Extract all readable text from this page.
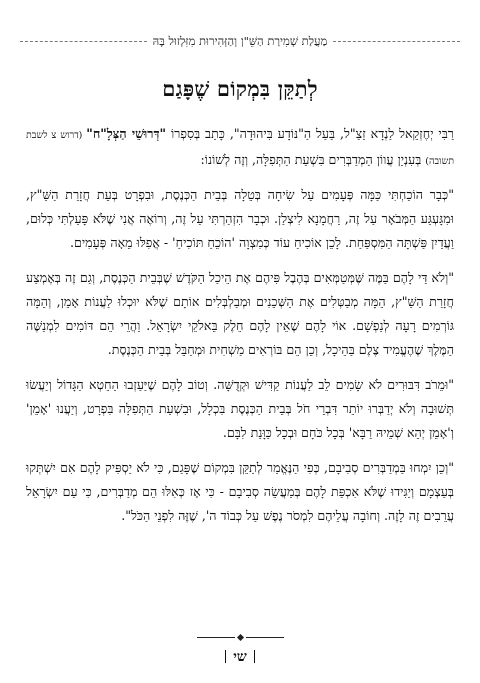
מַעֲלַת שְׁמִירַת הַשֵּׁ"ן וְהַזְּהִירוּת מִזִּלְזוּל בָּהּ
לְתַקֵּן בִּמְקוֹם שֶׁפָּגַם

רַבִּי יְחֶזְקֵאל לַנְדָא זַצַ"ל, בַּעַל הַ"נּוֹדָע בִּיהוּדָה", כָּתַב בְּסִפְרוֹ "דְּרוּשֵׁי הַצְּלָ"ח" (דרוש צ לשבת תשובה) בְּעִנְיַן עֲווֹן הַמְדַבְּרִים בִּשְׁעַת הַתְּפִלָּה, וְזֶה לְשׁוֹנוֹ:

"כְּבָר הוֹכַחְתִּי כַּמָּה פְּעָמִים עַל שִׂיחָה בְּטֵלָה בְּבֵית הַכְּנֶסֶת, וּבִפְרָט בְּעֵת חֲזָרַת הַשַּׁ"ץ, וּמִגָּעְגַּע הַמְּבֹאָר עַל זֶה, רַחֲמָנָא לִיצְלַן. וּכְבָר הִזְהַרְתִּי עַל זֶה, וְרוֹאֶה אֲנִי שֶׁלֹּא פָּעַלְתִּי כְּלוּם, וַעֲדַיִן פַּשְׁתָּה הַמִּסְפַּחַת. לָכֵן אוֹכִיחַ עוֹד כְּמִצְוָה 'הוֹכֵחַ תּוֹכִיחַ' - אֲפִלּוּ מֵאָה פְּעָמִים.

"וְלֹא דַּי לָהֶם בַּמֶּה שֶּׁמְּטַמְּאִים בְּהֶבֶל פִּיהֶם אֶת הֵיכַל הַקֹּדֶשׁ שֶׁבְּבֵית הַכְּנֶסֶת, וְגַם זֶה בְּאֶמְצַע חֲזָרַת הַשַּׁ"ץ, הֵמָּה מְבַטְּלִים אֶת הַשְּׁכֵנִים וּמְבַלְבְּלִים אוֹתָם שֶׁלֹּא יוּכְלוּ לַעֲנוֹת אָמֵן, וְהֵמָּה גּוֹרְמִים רָעָה לְנַפְשָׁם. אוֹי לָהֶם שֶׁאֵין לָהֶם חֵלֶק בֵּאלֹקֵי יִשְׂרָאֵל. וַהֲרֵי הֵם דּוֹמִים לִמְנַשֶּׁה הַמֶּלֶךְ שֶׁהֶעֱמִיד צֶלֶם בַּהֵיכָל, וְכֵן הֵם בּוֹרְאִים מַשְׁחִית וּמְחַבֵּל בְּבֵית הַכְּנֶסֶת.

"וּמֵרֹב דִּבּוּרִים לֹא שָׂמִים לֵב לַעֲנוֹת קַדִּישׁ וּקְדֻשָּׁה. וְטוֹב לָהֶם שֶׁיַּעַזְבוּ הַחֵטְא הַגָּדוֹל וְיַעֲשׂוּ תְּשׁוּבָה וְלֹא יְדַבְּרוּ יוֹתֵר דִּבְרֵי חֹל בְּבֵית הַכְּנֶסֶת בִּכְלָל, וּבִשְׁעַת הַתְּפִלָּה בִּפְרָט, וְיַעֲנוּ 'אָמֵן' וְ'אָמֵן יְהֵא שְׁמֵיהּ רַבָּא' בְּכָל כֹּחָם וּבְכָל כַּוָּנַת לִבָּם.

"וְכֵן יִמְחוּ בַּמְדַבְּרִים סְבִיבָם, כְּפִי הַנֶּאֱמַר לְתַקֵּן בִּמְקוֹם שֶׁפָּגַם, כִּי לֹא יַסְפִּיק לָהֶם אִם יִשְׁתְּקוּ בְּעַצְמָם וְיַגִּידוּ שֶׁלֹּא אִכְפַּת לָהֶם בְּמַעֲשֵׂה סְבִיבָם - כִּי אָז כְּאִלּוּ הֵם מְדַבְּרִים, כִּי עַם יִשְׂרָאֵל עֲרֵבִים זֶה לָזֶה. וְחוֹבָה עֲלֵיהֶם לִמְסֹר נֶפֶשׁ עַל כְּבוֹד ה', שֶׁזֶּה לִפְנֵי הַכֹּל".

שי
